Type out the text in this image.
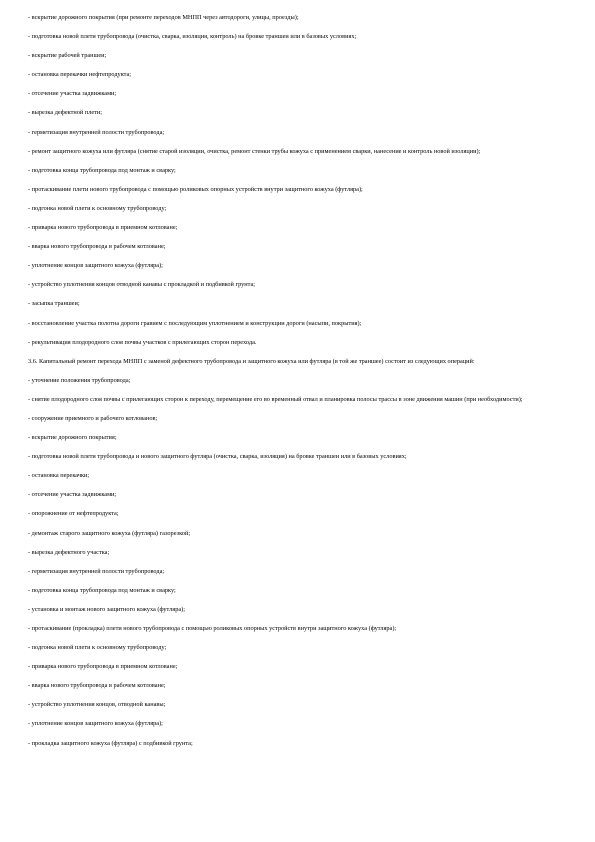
- вскрытие дорожного покрытия (при ремонте переходов МНПП через автодороги, улицы, проезды);

- подготовка новой плети трубопровода (очистка, сварка, изоляция, контроль) на бровке траншеи или в базовых условиях;

- вскрытие рабочей траншеи;

- остановка перекачки нефтепродукта;

- отсечение участка задвижками;

- вырезка дефектной плети;

- герметизация внутренней полости трубопровода;

- ремонт защитного кожуха или футляра (снятие старой изоляции, очистка, ремонт стенки трубы кожуха с применением сварки, нанесение и контроль новой изоляции);

- подготовка конца трубопровода под монтаж и сварку;

- протаскивание плети нового трубопровода с помощью роликовых опорных устройств внутри защитного кожуха (футляра);

- подгонка новой плети к основному трубопроводу;

- приварка нового трубопровода в приемном котловане;

- вварка нового трубопровода в рабочем котловане;

- уплотнение концов защитного кожуха (футляра);

- устройство уплотнения концов отводной канавы с прокладкой и подбивкой грунта;

- засыпка траншеи;

- восстановление участка полотна дороги гравием с последующим уплотнением и конструкции дороги (насыпи, покрытия);

- рекультивация плодородного слоя почвы участков с прилегающих сторон перехода.

3.6. Капитальный ремонт перехода МНПП с заменой дефектного трубопровода и защитного кожуха или футляра (в той же траншее) состоит из следующих операций:

- уточнение положения трубопровода;

- снятие плодородного слоя почвы с прилегающих сторон к переходу, перемещение его во временный отвал и планировка полосы трассы в зоне движения машин (при необходимости);

- сооружение приемного и рабочего котлованов;

- вскрытие дорожного покрытия;

- подготовка новой плети трубопровода и нового защитного футляра (очистка, сварка, изоляция) на бровке траншеи или в базовых условиях;

- остановка перекачки;

- отсечение участка задвижками;

- опорожнение от нефтепродукта;

- демонтаж старого защитного кожуха (футляра) газорезкой;

- вырезка дефектного участка;

- герметизация внутренней полости трубопровода;

- подготовка конца трубопровода под монтаж и сварку;

- установка и монтаж нового защитного кожуха (футляра);

- протаскивание (прокладка) плети нового трубопровода с помощью роликовых опорных устройств внутри защитного кожуха (футляра);

- подгонка новой плети к основному трубопроводу;

- приварка нового трубопровода в приемном котловане;

- вварка нового трубопровода в рабочем котловане;

- устройство уплотнения концов, отводной канавы;

- уплотнение концов защитного кожуха (футляра);

- прокладка защитного кожуха (футляра) с подбивкой грунта;
